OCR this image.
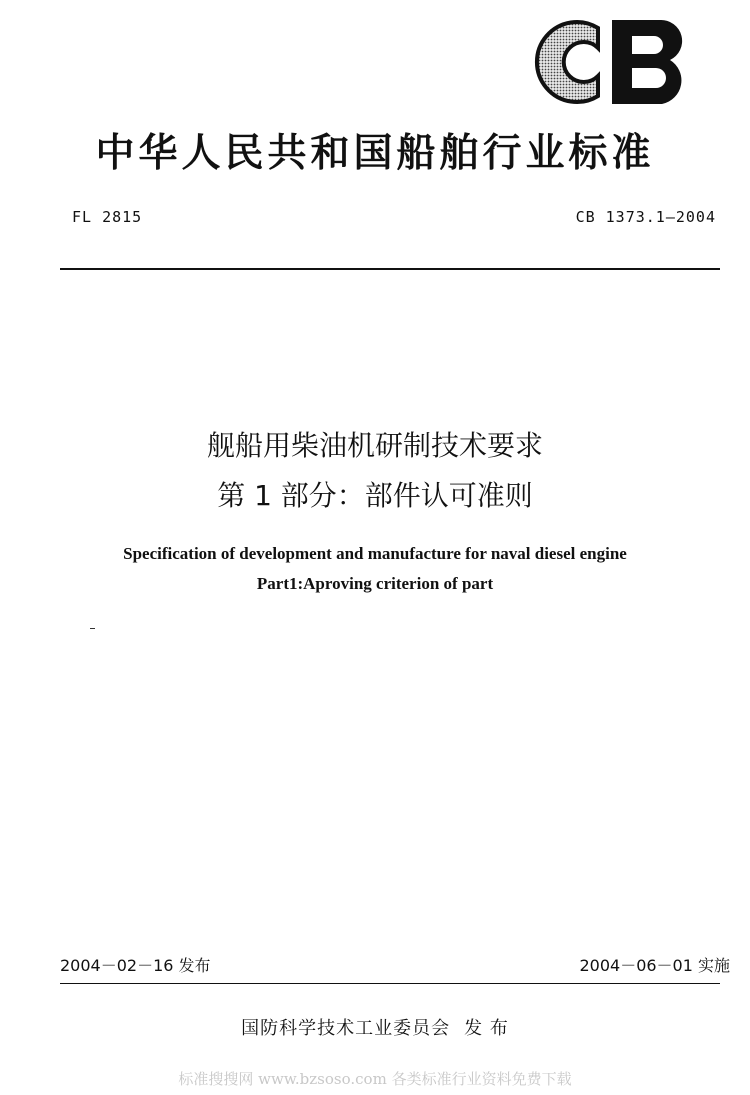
中华人民共和国船舶行业标准
FL 2815	CB 1373.1—2004
舰船用柴油机研制技术要求
第 1 部分：部件认可准则
Specification of development and manufacture for naval diesel engine
Part1:Aproving criterion of part
2004－02－16 发布	2004－06－01 实施
国防科学技术工业委员会 发 布
标准搜搜网 www.bzsoso.com 各类标准行业资料免费下载
